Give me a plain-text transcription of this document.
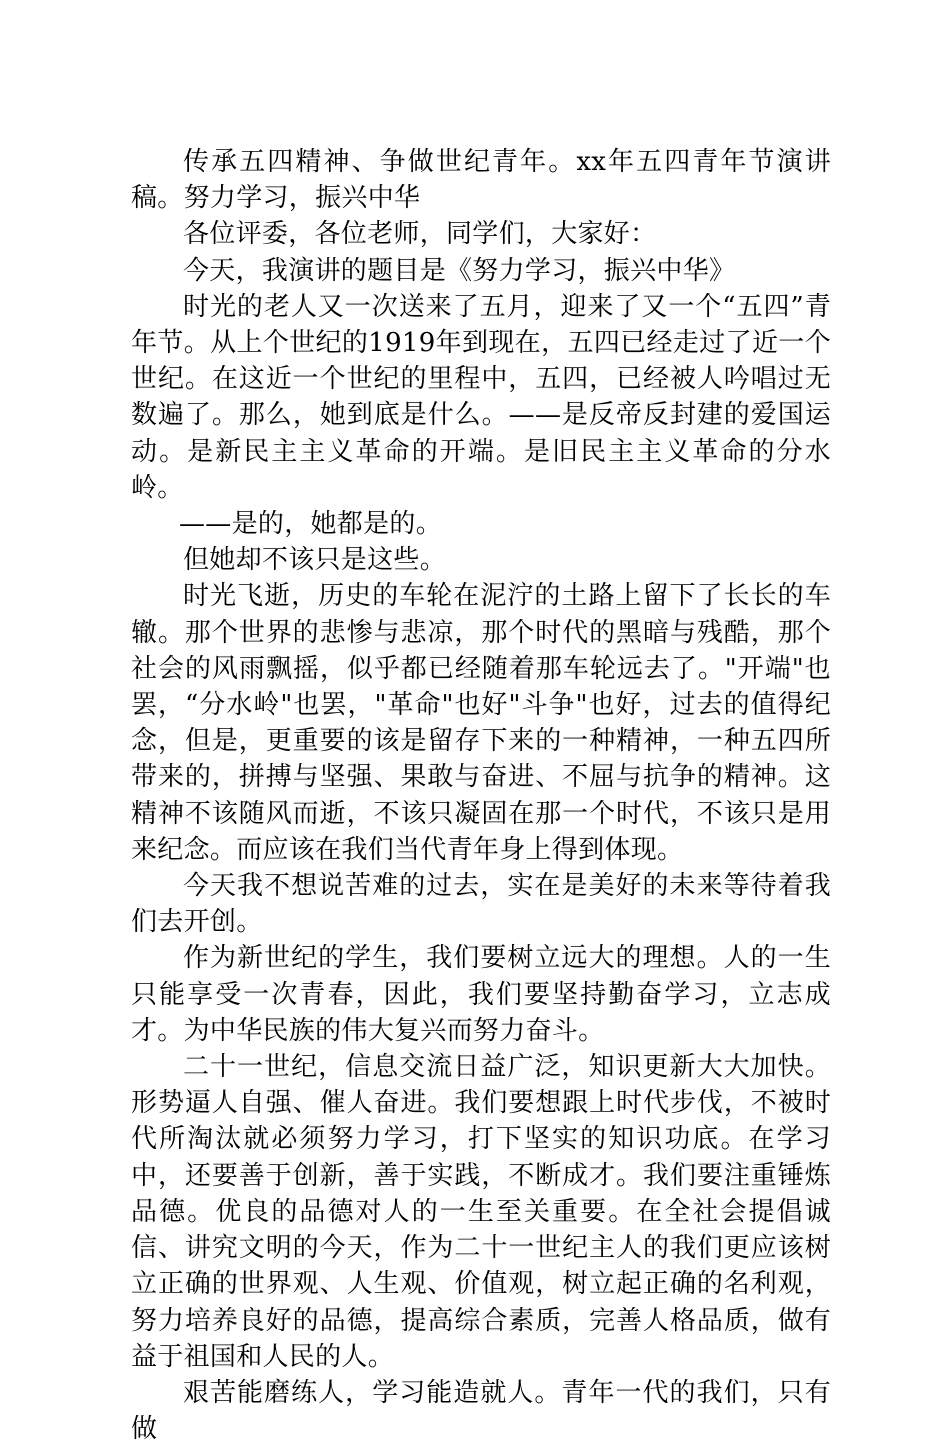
传承五四精神、争做世纪青年。xx年五四青年节演讲稿。努力学习，振兴中华

各位评委，各位老师，同学们，大家好：

今天，我演讲的题目是《努力学习，振兴中华》

时光的老人又一次送来了五月，迎来了又一个“五四”青年节。从上个世纪的1919年到现在，五四已经走过了近一个世纪。在这近一个世纪的里程中，五四，已经被人吟唱过无数遍了。那么，她到底是什么。——是反帝反封建的爱国运动。是新民主主义革命的开端。是旧民主主义革命的分水岭。

——是的，她都是的。

但她却不该只是这些。

时光飞逝，历史的车轮在泥泞的土路上留下了长长的车辙。那个世界的悲惨与悲凉，那个时代的黑暗与残酷，那个社会的风雨飘摇，似乎都已经随着那车轮远去了。"开端"也罢，“分水岭"也罢，"革命"也好"斗争"也好，过去的值得纪念，但是，更重要的该是留存下来的一种精神，一种五四所带来的，拼搏与坚强、果敢与奋进、不屈与抗争的精神。这精神不该随风而逝，不该只凝固在那一个时代，不该只是用来纪念。而应该在我们当代青年身上得到体现。

今天我不想说苦难的过去，实在是美好的未来等待着我们去开创。

作为新世纪的学生，我们要树立远大的理想。人的一生只能享受一次青春，因此，我们要坚持勤奋学习，立志成才。为中华民族的伟大复兴而努力奋斗。

二十一世纪，信息交流日益广泛，知识更新大大加快。形势逼人自强、催人奋进。我们要想跟上时代步伐，不被时代所淘汰就必须努力学习，打下坚实的知识功底。在学习中，还要善于创新，善于实践，不断成才。我们要注重锤炼品德。优良的品德对人的一生至关重要。在全社会提倡诚信、讲究文明的今天，作为二十一世纪主人的我们更应该树立正确的世界观、人生观、价值观，树立起正确的名利观，努力培养良好的品德，提高综合素质，完善人格品质，做有益于祖国和人民的人。

艰苦能磨练人，学习能造就人。青年一代的我们，只有做
